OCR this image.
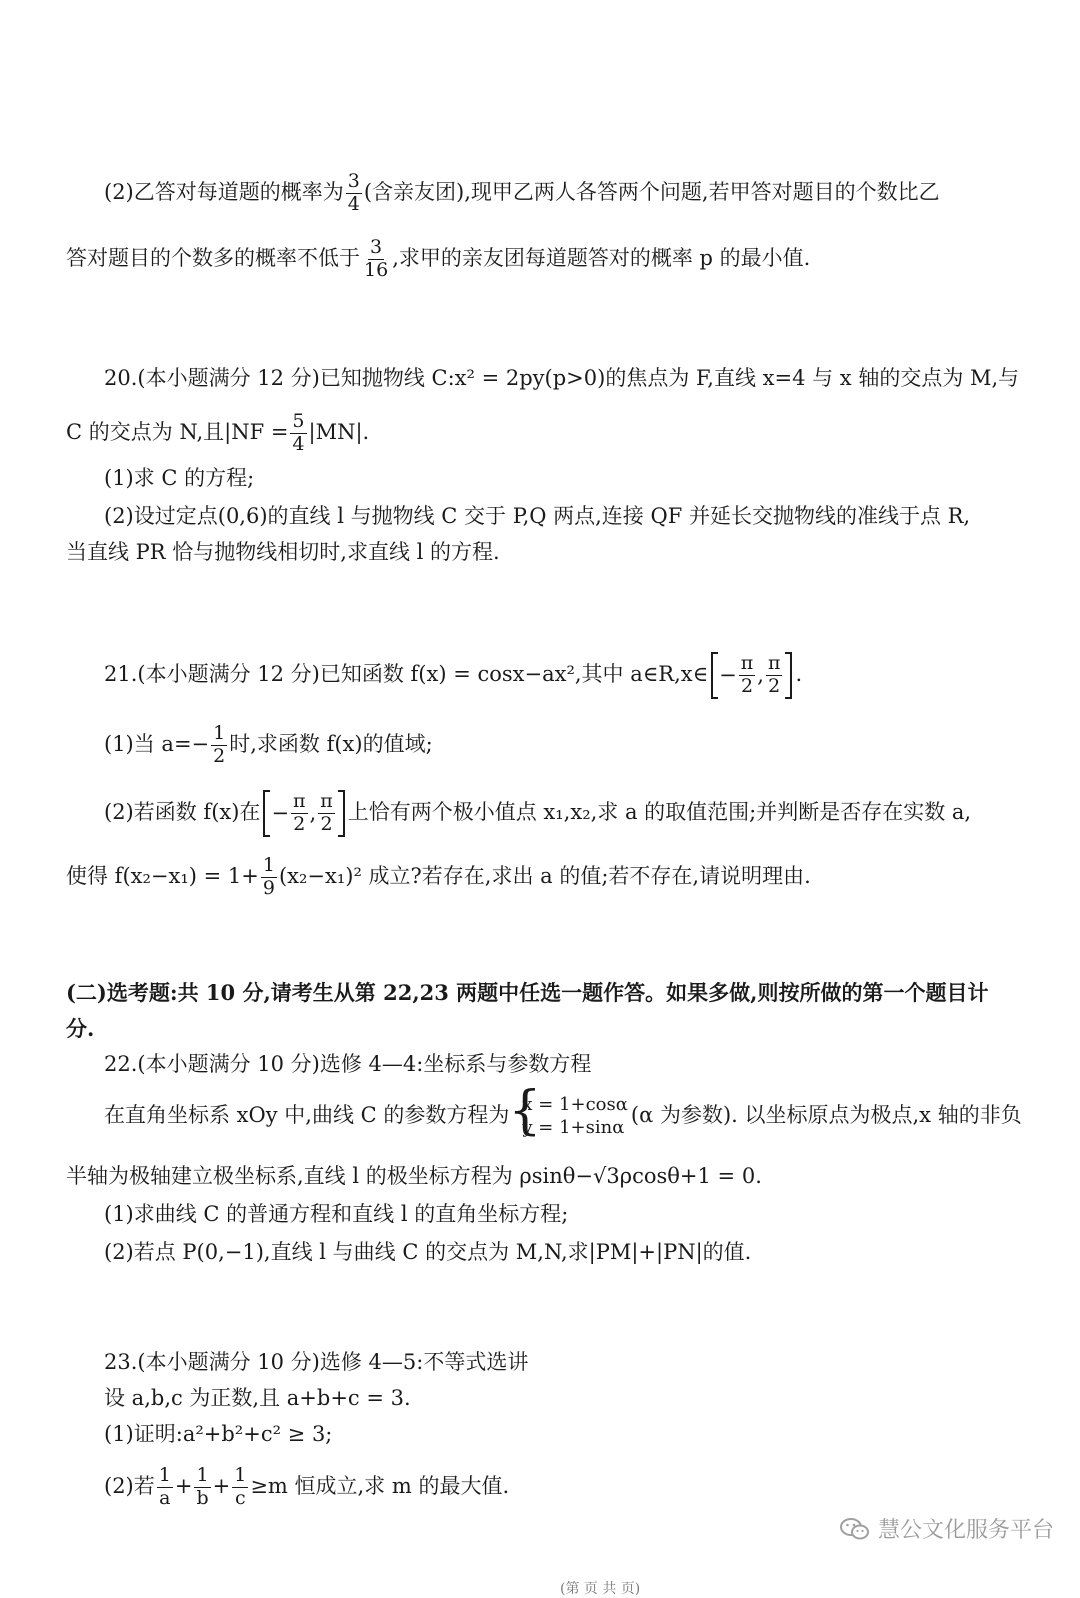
(2)乙答对每道题的概率为 $\frac{3}{4}$ (含亲友团),现甲乙两人各答两个问题,若甲答对题目的个数比乙
答对题目的个数多的概率不低于 $\frac{3}{16}$ ,求甲的亲友团每道题答对的概率 p 的最小值.
20.(本小题满分 12 分)已知抛物线 C:x² = 2py(p>0)的焦点为 F,直线 x=4 与 x 轴的交点为 M,与
C 的交点为 N,且$|NF = \frac{5}{4} |MN|$.
(1)求 C 的方程;
(2)设过定点(0,6)的直线 l 与抛物线 C 交于 P,Q 两点,连接 QF 并延长交抛物线的准线于点 R,
当直线 PR 恰与抛物线相切时,求直线 l 的方程.
21.(本小题满分 12 分)已知函数 f(x) = cosx−ax²,其中 a∈R,x∈ − $\frac{\pi}{2}$ , $\frac{\pi}{2}$ .
(1)当 $a=- \frac{1}{2}$ 时,求函数 f(x)的值域;
(2)若函数 f(x)在 − $\frac{\pi}{2}$ , $\frac{\pi}{2}$ 上恰有两个极小值点 x₁,x₂,求 a 的取值范围;并判断是否存在实数 a,
使得 $f(x_2-x_1) = 1+ \frac{1}{9} (x_2-x_1)^2$ 成立?若存在,求出 a 的值;若不存在,请说明理由.
(二)选考题:共 10 分,请考生从第 22,23 两题中任选一题作答。如果多做,则按所做的第一个题目计
分.
22.(本小题满分 10 分)选修 4—4:坐标系与参数方程
在直角坐标系 xOy 中,曲线 C 的参数方程为
{ x = 1+cosα
y = 1+sinα (α 为参数). 以坐标原点为极点,x 轴的非负
半轴为极轴建立极坐标系,直线 l 的极坐标方程为 ρsinθ−√3ρcosθ+1 = 0.
(1)求曲线 C 的普通方程和直线 l 的直角坐标方程;
(2)若点 P(0,−1),直线 l 与曲线 C 的交点为 M,N,求|PM|+|PN|的值.
23.(本小题满分 10 分)选修 4—5:不等式选讲
设 a,b,c 为正数,且 a+b+c = 3.
(1)证明:a²+b²+c² ≥ 3;
(2)若 $\frac{1}{a} + \frac{1}{b} + \frac{1}{c} \ge m$ 恒成立,求 m 的最大值.
慧公文化服务平台
(第 页 共 页)
